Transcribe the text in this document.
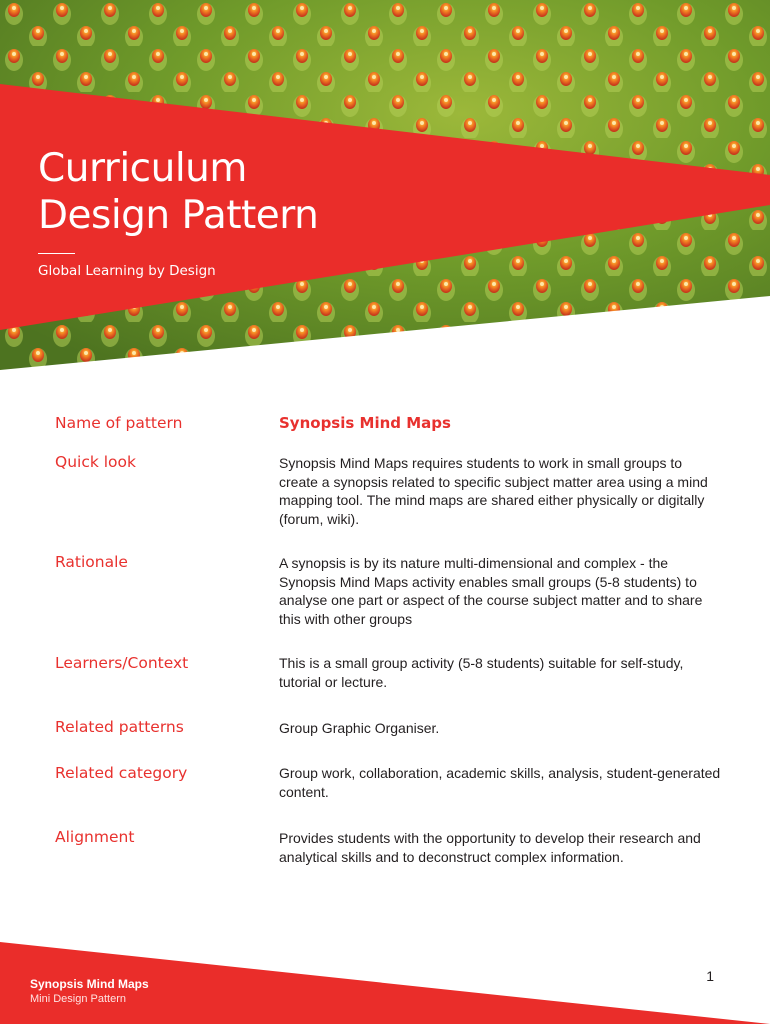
Curriculum
Design Pattern
Global Learning by Design
Name of pattern	Synopsis Mind Maps
Quick look	Synopsis Mind Maps requires students to work in small groups to create a synopsis related to specific subject matter area using a mind mapping tool. The mind maps are shared either physically or digitally (forum, wiki).
Rationale	A synopsis is by its nature multi-dimensional and complex - the Synopsis Mind Maps activity enables small groups (5-8 students) to analyse one part or aspect of the course subject matter and to share this with other groups
Learners/Context	This is a small group activity (5-8 students) suitable for self-study, tutorial or lecture.
Related patterns	Group Graphic Organiser.
Related category	Group work, collaboration, academic skills, analysis, student-generated content.
Alignment	Provides students with the opportunity to develop their research and analytical skills and to deconstruct complex information.
1
Synopsis Mind Maps
Mini Design Pattern
